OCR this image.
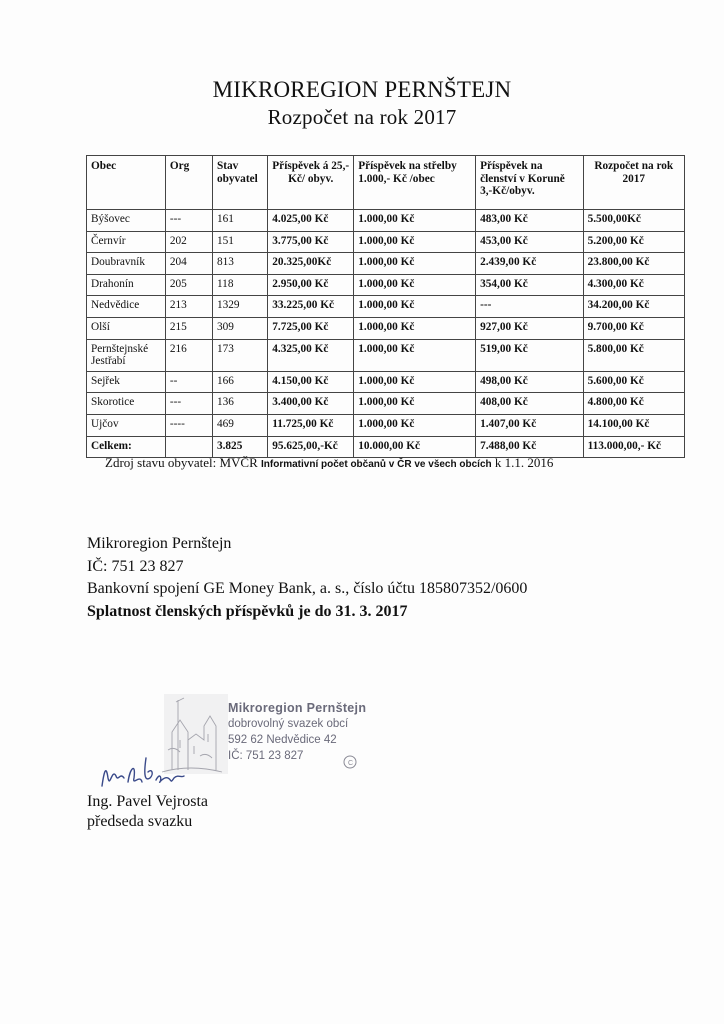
MIKROREGION PERNŠTEJN
Rozpočet na rok 2017
Obec	Org	Stav obyvatel	Příspěvek á 25,- Kč/ obyv.	Příspěvek na střelby 1.000,- Kč /obec	Příspěvek na členství v Koruně 3,-Kč/obyv.	Rozpočet na rok 2017
Býšovec	---	161	4.025,00 Kč	1.000,00 Kč	483,00 Kč	5.500,00Kč
Černvír	202	151	3.775,00 Kč	1.000,00 Kč	453,00 Kč	5.200,00 Kč
Doubravník	204	813	20.325,00Kč	1.000,00 Kč	2.439,00 Kč	23.800,00 Kč
Drahonín	205	118	2.950,00 Kč	1.000,00 Kč	354,00 Kč	4.300,00 Kč
Nedvědice	213	1329	33.225,00 Kč	1.000,00 Kč	---	34.200,00 Kč
Olší	215	309	7.725,00 Kč	1.000,00 Kč	927,00 Kč	9.700,00 Kč
Pernštejnské Jestřabí	216	173	4.325,00 Kč	1.000,00 Kč	519,00 Kč	5.800,00 Kč
Sejřek	--	166	4.150,00 Kč	1.000,00 Kč	498,00 Kč	5.600,00 Kč
Skorotice	---	136	3.400,00 Kč	1.000,00 Kč	408,00 Kč	4.800,00 Kč
Ujčov	----	469	11.725,00 Kč	1.000,00 Kč	1.407,00 Kč	14.100,00 Kč
Celkem:		3.825	95.625,00,-Kč	10.000,00 Kč	7.488,00 Kč	113.000,00,- Kč
Zdroj stavu obyvatel: MVČR Informativní počet občanů v ČR ve všech obcích k 1.1. 2016
Mikroregion Pernštejn
IČ: 751 23 827
Bankovní spojení GE Money Bank, a. s., číslo účtu 185807352/0600
Splatnost členských příspěvků je do 31. 3. 2017
C
Mikroregion Pernštejn
dobrovolný svazek obcí
592 62 Nedvědice 42
IČ: 751 23 827
Ing. Pavel Vejrosta
předseda svazku
